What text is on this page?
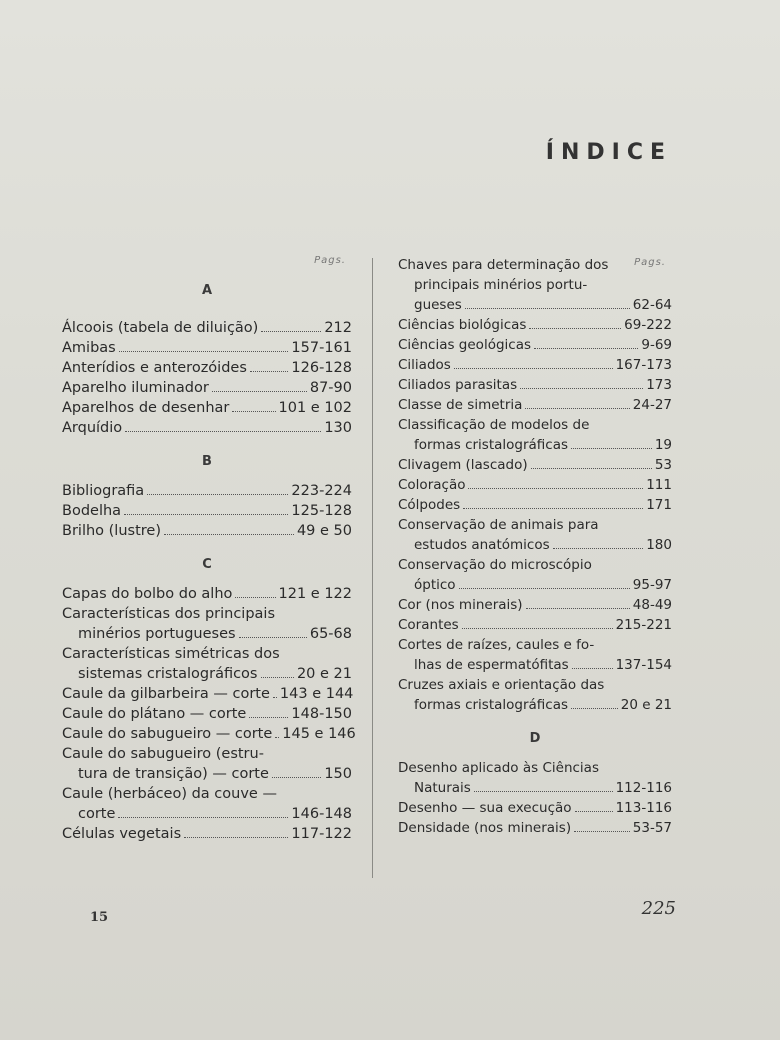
ÍNDICE
Pags.
A
Álcoois (tabela de diluição)	212
Amibas	157-161
Anterídios e anterozóides	126-128
Aparelho iluminador	87-90
Aparelhos de desenhar	101 e 102
Arquídio	130
B
Bibliografia	223-224
Bodelha	125-128
Brilho (lustre)	49 e 50
C
Capas do bolbo do alho	121 e 122
Características dos principais
minérios portugueses	65-68
Características simétricas dos
sistemas cristalográficos	20 e 21
Caule da gilbarbeira — corte 143 e 144
Caule do plátano — corte	148-150
Caule do sabugueiro — corte 145 e 146
Caule do sabugueiro (estru-
tura de transição) — corte	150
Caule (herbáceo) da couve —
corte	146-148
Células vegetais	117-122
Pags.
Chaves para determinação dos
principais minérios portu-
gueses	62-64
Ciências biológicas	69-222
Ciências geológicas	9-69
Ciliados	167-173
Ciliados parasitas	173
Classe de simetria	24-27
Classificação de modelos de
formas cristalográficas	19
Clivagem (lascado)	53
Coloração	111
Cólpodes	171
Conservação de animais para
estudos anatómicos	180
Conservação do microscópio
óptico	95-97
Cor (nos minerais)	48-49
Corantes	215-221
Cortes de raízes, caules e fo-
lhas de espermatófitas	137-154
Cruzes axiais e orientação das
formas cristalográficas	20 e 21
D
Desenho aplicado às Ciências
Naturais	112-116
Desenho — sua execução	113-116
Densidade (nos minerais)	53-57
15	225
